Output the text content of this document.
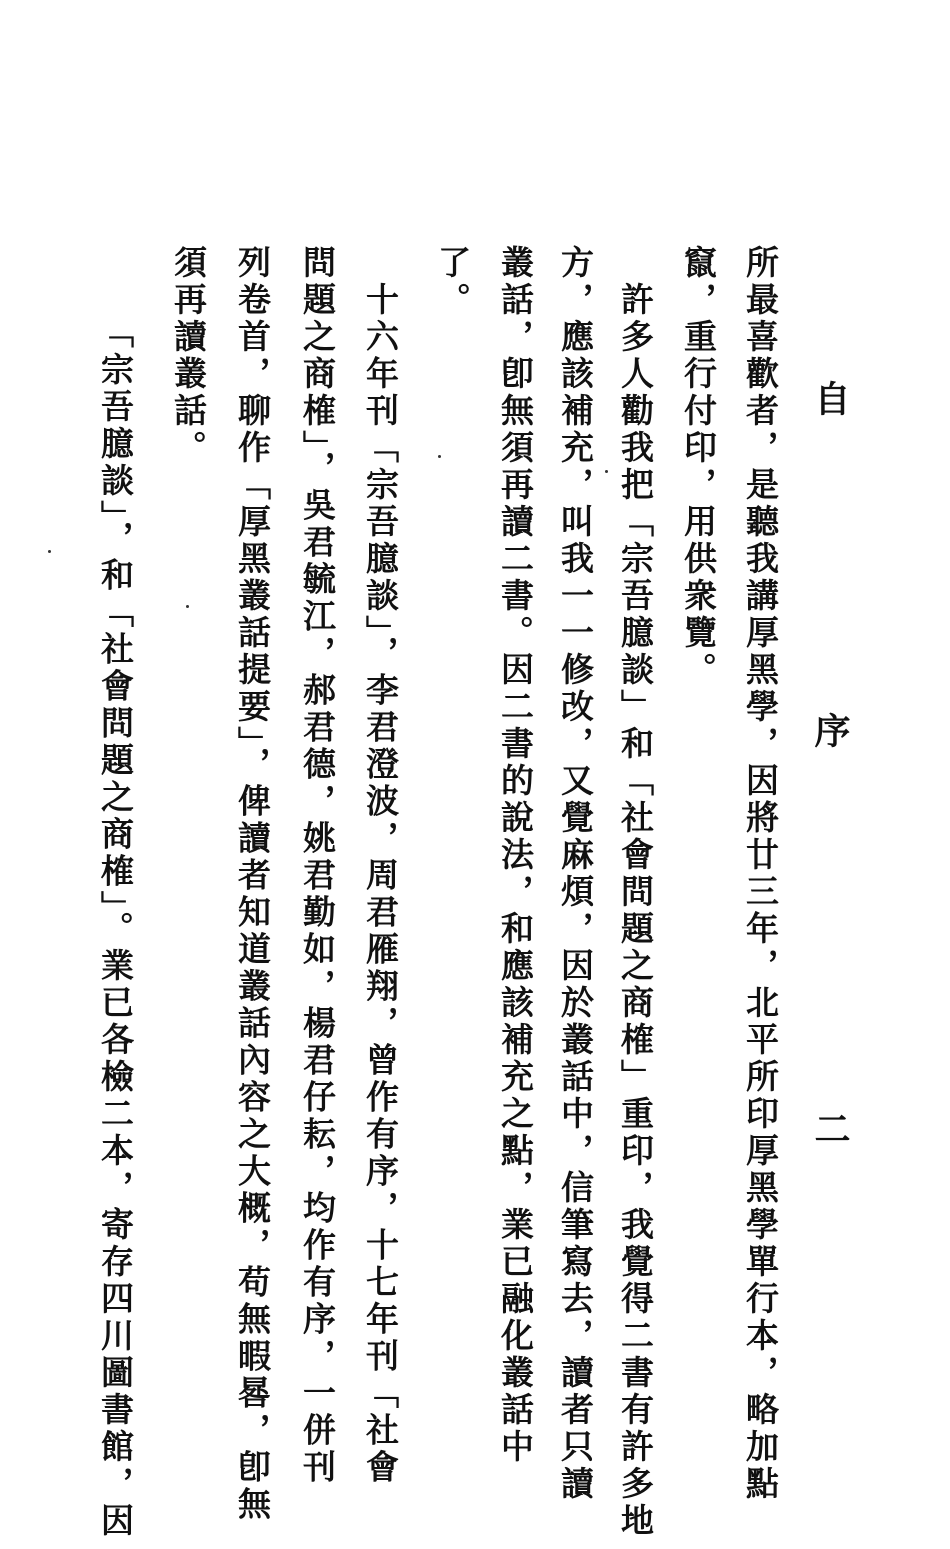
自　序
二
所最喜歡者，是聽我講厚黑學，因將廿三年，北平所印厚黑學單行本，略加點
竄，重行付印，用供衆覽。
　許多人勸我把「宗吾臆談」和「社會問題之商榷」重印，我覺得二書有許多地
方，應該補充，叫我一一修改，又覺麻煩，因於叢話中，信筆寫去，讀者只讀
叢話，卽無須再讀二書。因二書的說法，和應該補充之點，業已融化叢話中
了。
　十六年刊「宗吾臆談」，李君澄波，周君雁翔，曾作有序，十七年刊「社會
問題之商榷」，吳君毓江，郝君德，姚君勤如，楊君仔耘，均作有序，一併刊
列卷首，聊作「厚黑叢話提要」，俾讀者知道叢話內容之大概，苟無暇晷，卽無
須再讀叢話。
「宗吾臆談」，和「社會問題之商榷」。業已各檢二本，寄存四川圖書館，因
